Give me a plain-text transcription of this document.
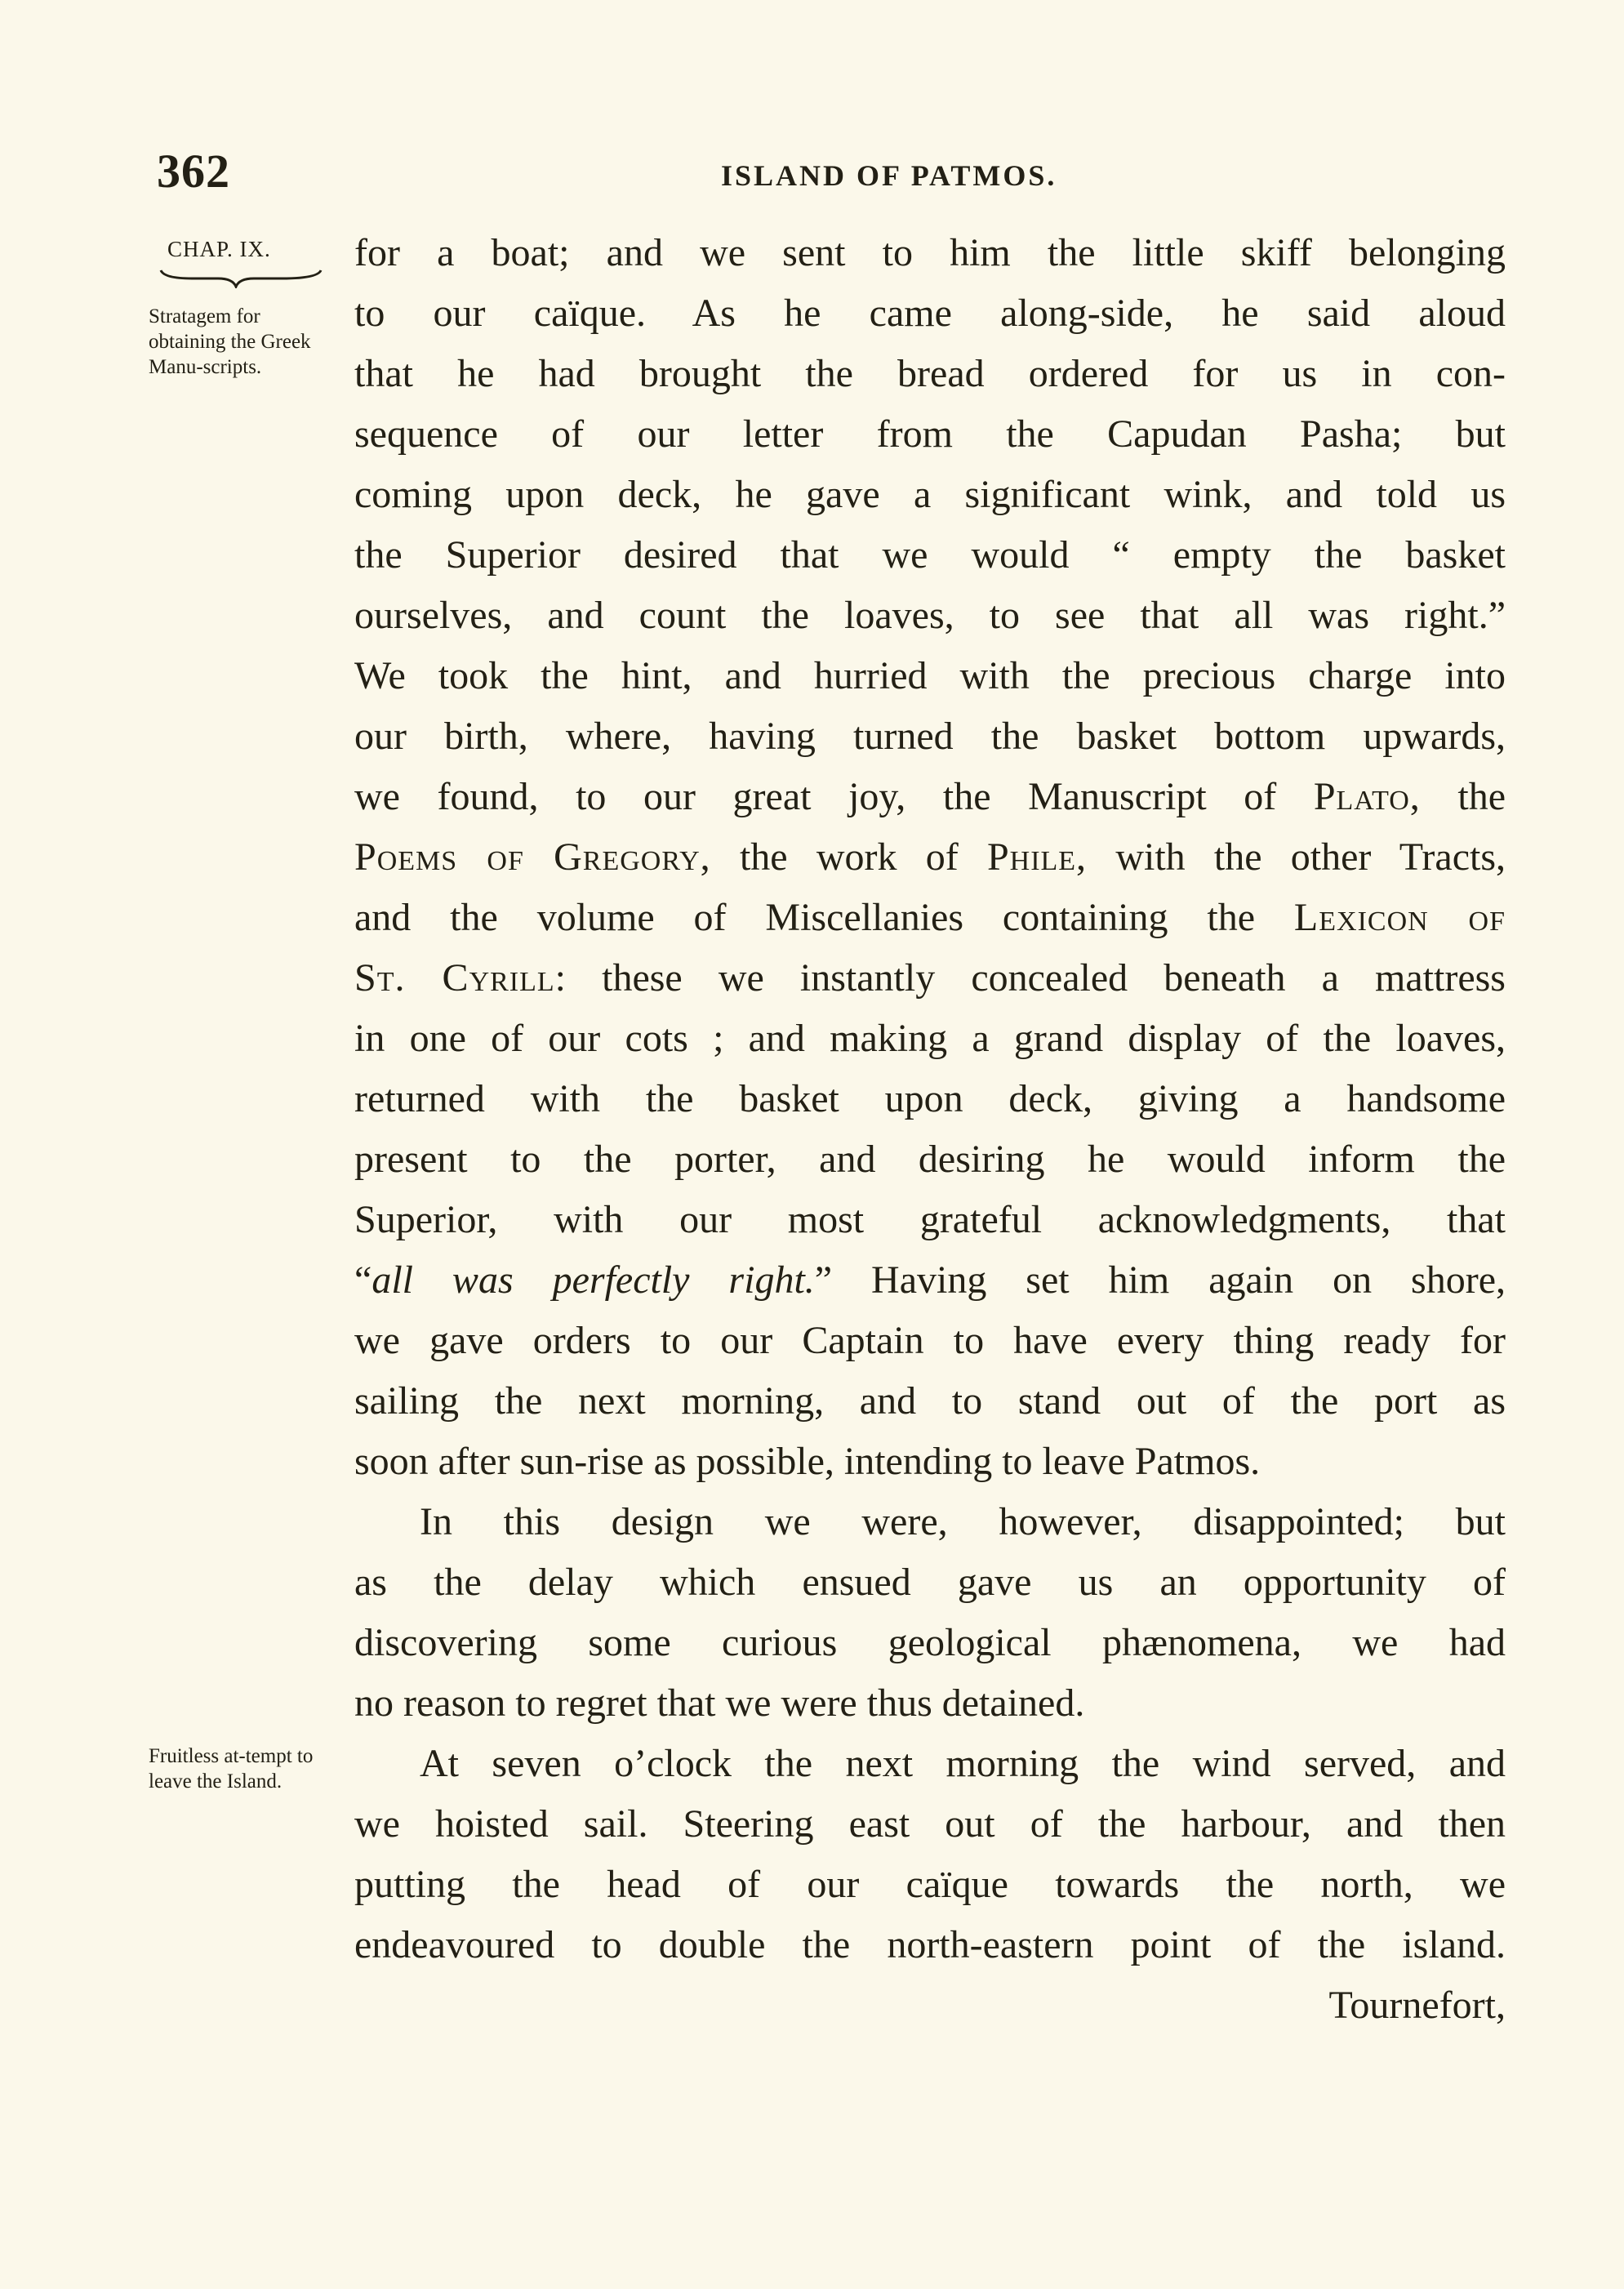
362	ISLAND OF PATMOS.
CHAP. IX.
Stratagem for obtaining the Greek Manu-scripts.
Fruitless at-tempt to leave the Island.
for a boat; and we sent to him the little skiff belonging
to our caïque. As he came along-side, he said aloud
that he had brought the bread ordered for us in con-
sequence of our letter from the Capudan Pasha; but
coming upon deck, he gave a significant wink, and told us
the Superior desired that we would “ empty the basket
ourselves, and count the loaves, to see that all was right.”
We took the hint, and hurried with the precious charge into
our birth, where, having turned the basket bottom upwards,
we found, to our great joy, the Manuscript of Plato, the
Poems of Gregory, the work of Phile, with the other Tracts,
and the volume of Miscellanies containing the Lexicon of
St. Cyrill: these we instantly concealed beneath a mattress
in one of our cots ; and making a grand display of the loaves,
returned with the basket upon deck, giving a handsome
present to the porter, and desiring he would inform the
Superior, with our most grateful acknowledgments, that
“all was perfectly right.” Having set him again on shore,
we gave orders to our Captain to have every thing ready for
sailing the next morning, and to stand out of the port as
soon after sun-rise as possible, intending to leave Patmos.
In this design we were, however, disappointed; but
as the delay which ensued gave us an opportunity of
discovering some curious geological phænomena, we had
no reason to regret that we were thus detained.
At seven o’clock the next morning the wind served, and
we hoisted sail. Steering east out of the harbour, and then
putting the head of our caïque towards the north, we
endeavoured to double the north-eastern point of the island.
Tournefort,
